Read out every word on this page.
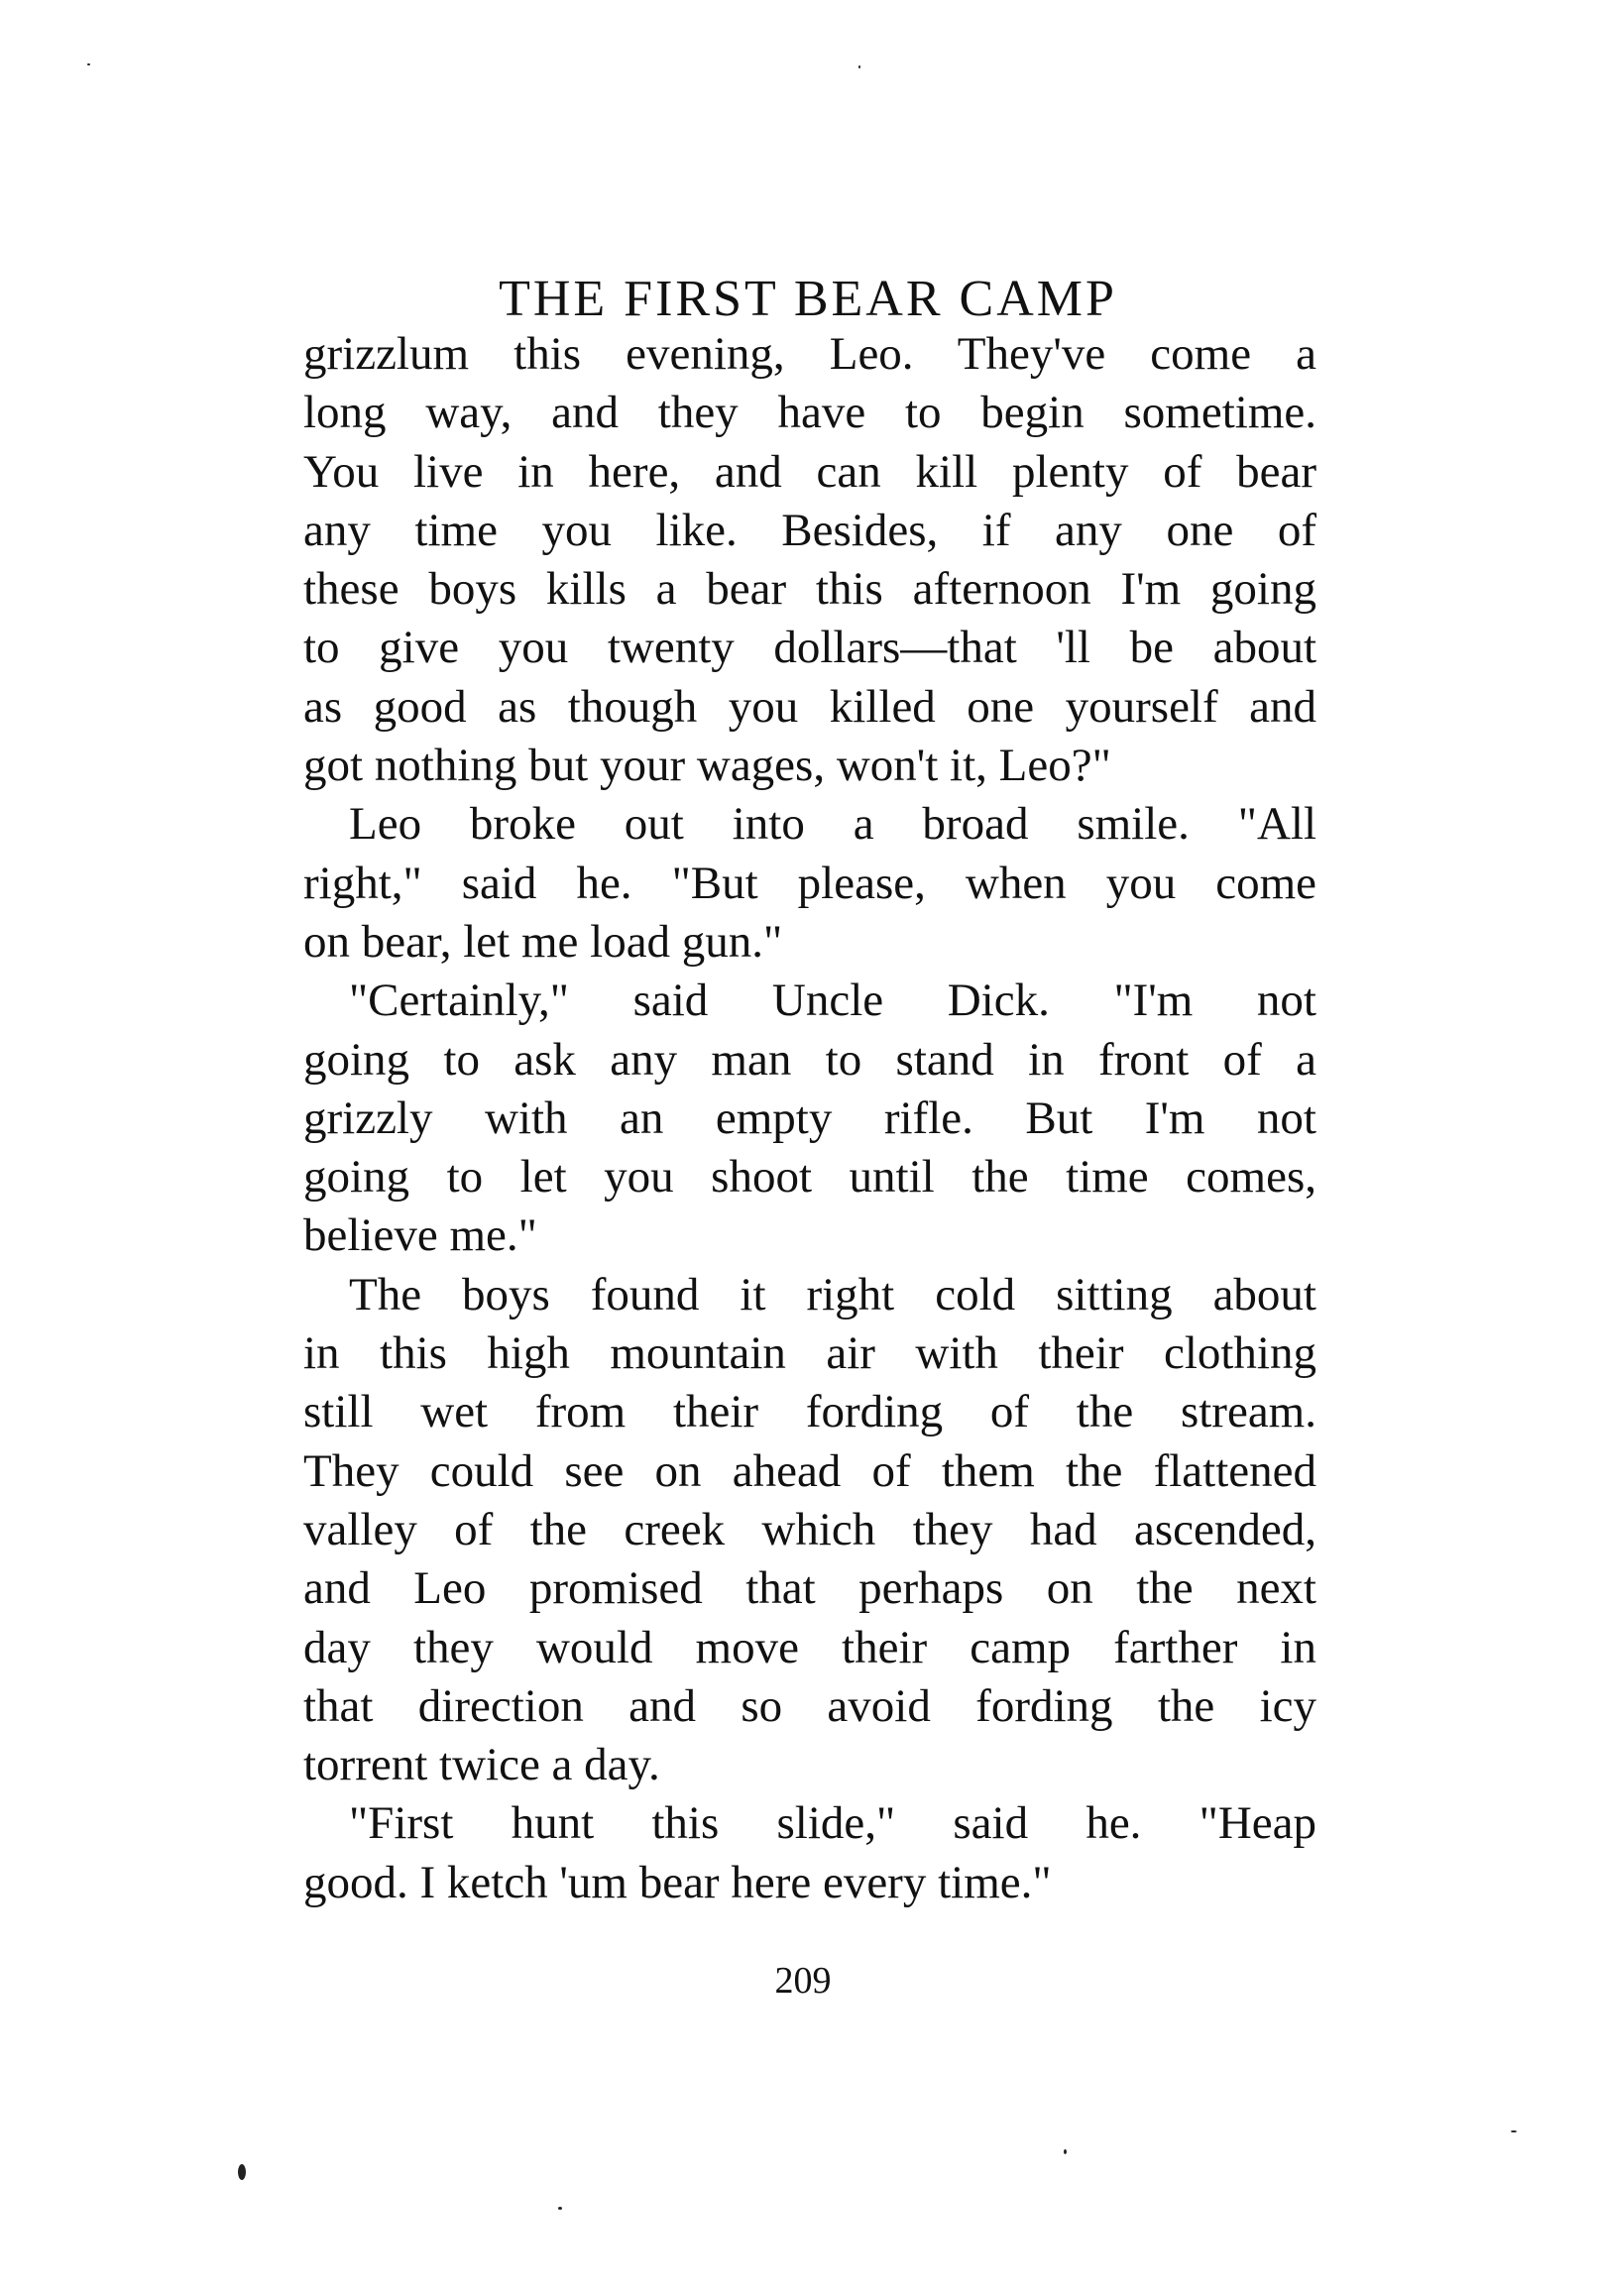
THE FIRST BEAR CAMP
grizzlum this evening, Leo. They've come a
long way, and they have to begin sometime.
You live in here, and can kill plenty of bear
any time you like. Besides, if any one of
these boys kills a bear this afternoon I'm going
to give you twenty dollars—that 'll be about
as good as though you killed one yourself and
got nothing but your wages, won't it, Leo?"
Leo broke out into a broad smile. "All
right," said he. "But please, when you come
on bear, let me load gun."
"Certainly," said Uncle Dick. "I'm not
going to ask any man to stand in front of a
grizzly with an empty rifle. But I'm not
going to let you shoot until the time comes,
believe me."
The boys found it right cold sitting about
in this high mountain air with their clothing
still wet from their fording of the stream.
They could see on ahead of them the flattened
valley of the creek which they had ascended,
and Leo promised that perhaps on the next
day they would move their camp farther in
that direction and so avoid fording the icy
torrent twice a day.
"First hunt this slide," said he. "Heap
good. I ketch 'um bear here every time."
209
